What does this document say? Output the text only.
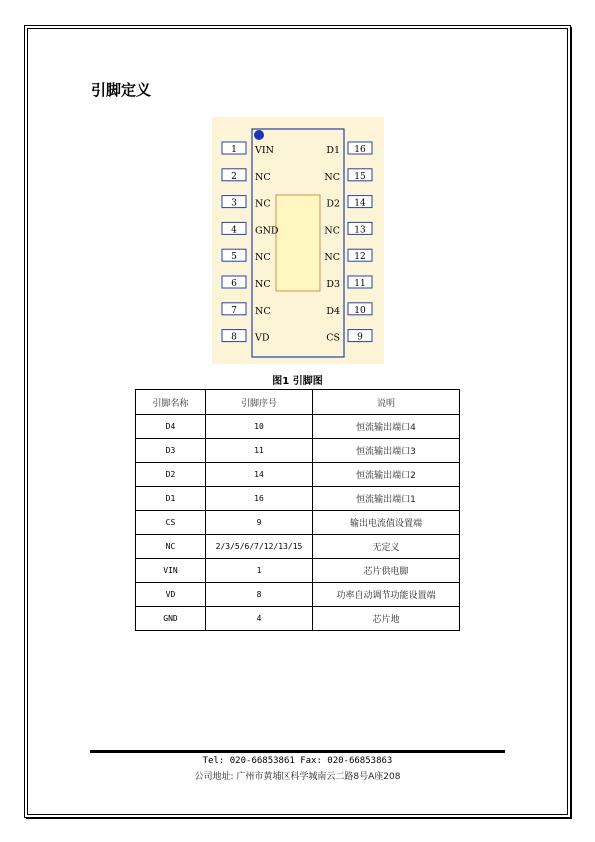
引脚定义
1 VIN
2 NC
3 NC
4 GND
5 NC
6 NC
7 NC
8 VD
16
D1
15
NC
14
D2
13
NC
12
NC
11
D3
10
D4
9
CS
图1 引脚图
引脚名称	引脚序号	说明
D4	10	恒流输出端口4
D3	11	恒流输出端口3
D2	14	恒流输出端口2
D1	16	恒流输出端口1
CS	9	输出电流值设置端
NC	2/3/5/6/7/12/13/15	无定义
VIN	1	芯片供电脚
VD	8	功率自动调节功能设置端
GND	4	芯片地
Tel: 020-66853861 Fax: 020-66853863
公司地址: 广州市黄埔区科学城南云二路8号A座208
